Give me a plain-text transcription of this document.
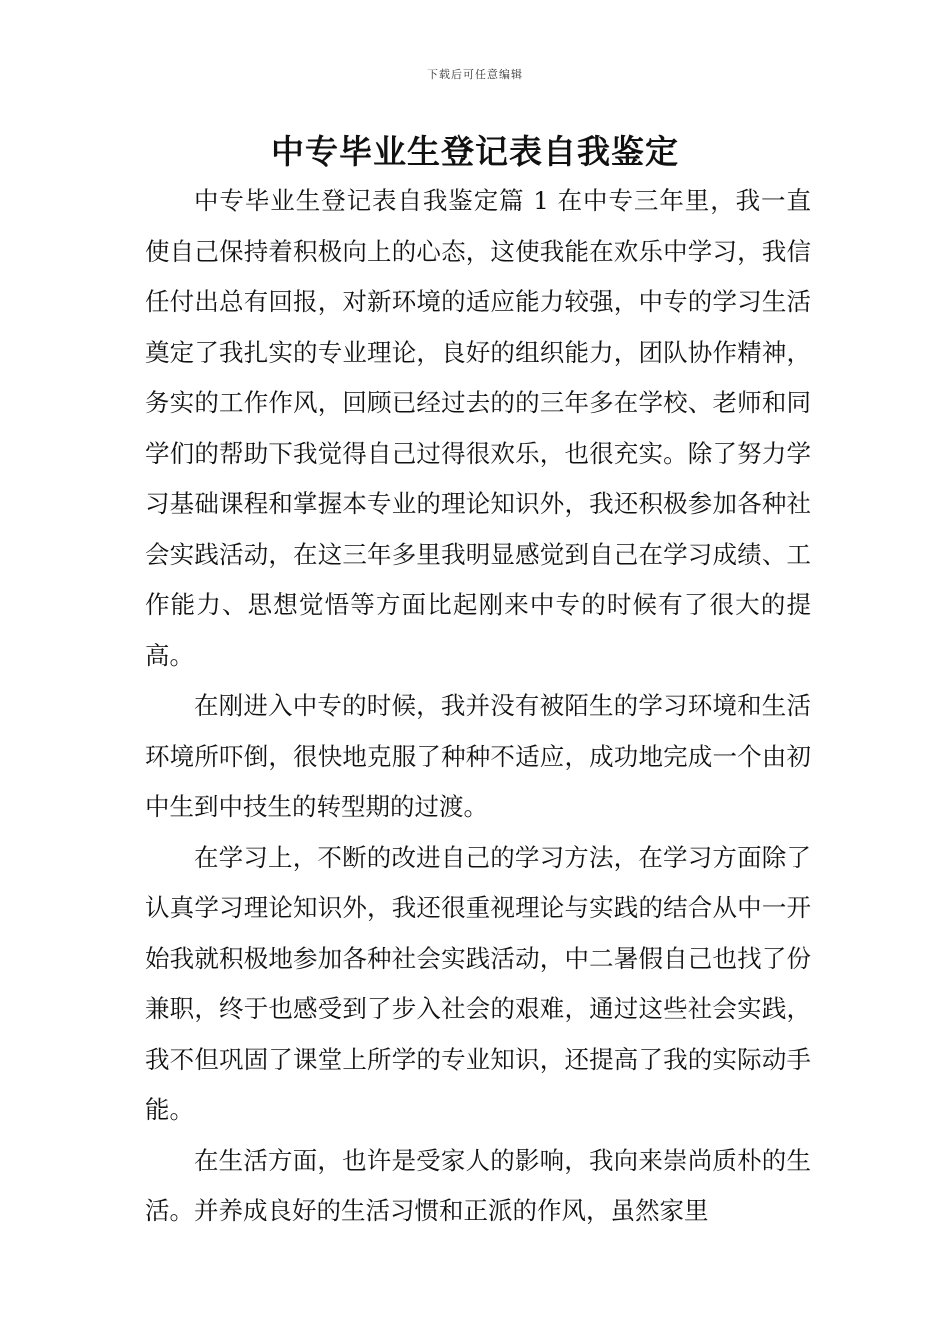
下载后可任意编辑
中专毕业生登记表自我鉴定

中专毕业生登记表自我鉴定篇 1 在中专三年里，我一直使自己保持着积极向上的心态，这使我能在欢乐中学习，我信任付出总有回报，对新环境的适应能力较强，中专的学习生活奠定了我扎实的专业理论，良好的组织能力，团队协作精神，务实的工作作风，回顾已经过去的的三年多在学校、老师和同学们的帮助下我觉得自己过得很欢乐，也很充实。除了努力学习基础课程和掌握本专业的理论知识外，我还积极参加各种社会实践活动，在这三年多里我明显感觉到自己在学习成绩、工作能力、思想觉悟等方面比起刚来中专的时候有了很大的提高。

在刚进入中专的时候，我并没有被陌生的学习环境和生活环境所吓倒，很快地克服了种种不适应，成功地完成一个由初中生到中技生的转型期的过渡。

在学习上，不断的改进自己的学习方法，在学习方面除了认真学习理论知识外，我还很重视理论与实践的结合从中一开始我就积极地参加各种社会实践活动，中二暑假自己也找了份兼职，终于也感受到了步入社会的艰难，通过这些社会实践，我不但巩固了课堂上所学的专业知识，还提高了我的实际动手能。

在生活方面，也许是受家人的影响，我向来崇尚质朴的生活。并养成良好的生活习惯和正派的作风，虽然家里
